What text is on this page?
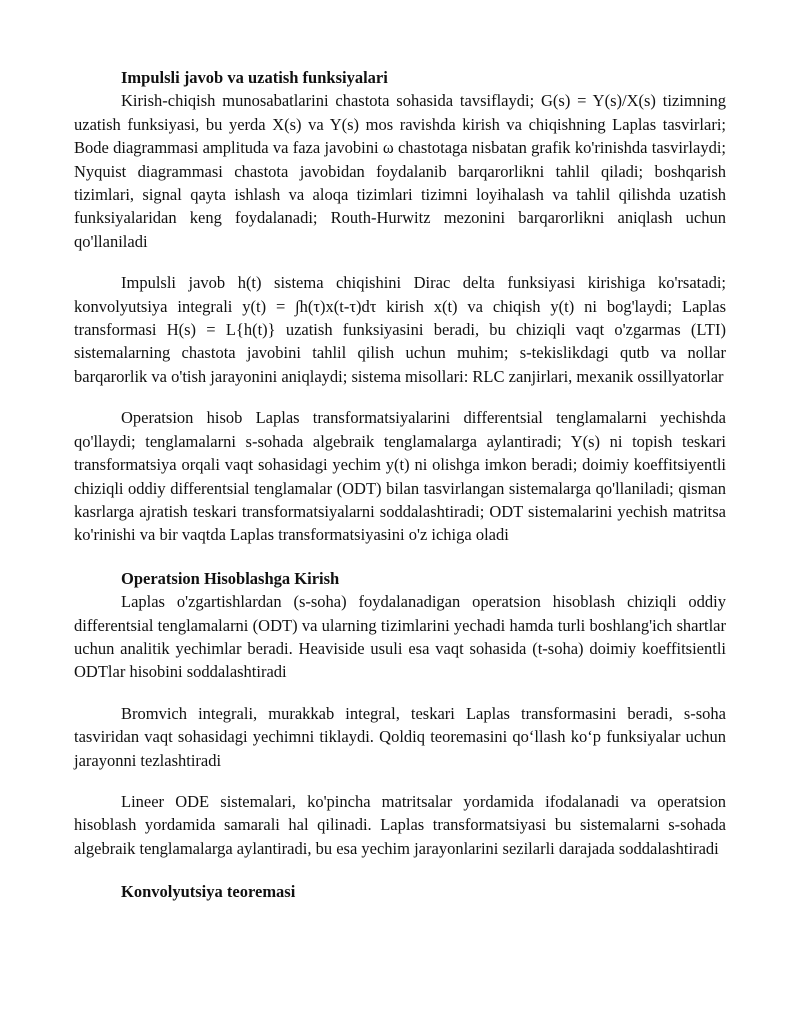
Impulsli javob va uzatish funksiyalari

Kirish-chiqish munosabatlarini chastota sohasida tavsiflaydi; G(s) = Y(s)/X(s) tizimning uzatish funksiyasi, bu yerda X(s) va Y(s) mos ravishda kirish va chiqishning Laplas tasvirlari; Bode diagrammasi amplituda va faza javobini ω chastotaga nisbatan grafik ko'rinishda tasvirlaydi; Nyquist diagrammasi chastota javobidan foydalanib barqarorlikni tahlil qiladi; boshqarish tizimlari, signal qayta ishlash va aloqa tizimlari tizimni loyihalash va tahlil qilishda uzatish funksiyalaridan keng foydalanadi; Routh-Hurwitz mezonini barqarorlikni aniqlash uchun qo'llaniladi

Impulsli javob h(t) sistema chiqishini Dirac delta funksiyasi kirishiga ko'rsatadi; konvolyutsiya integrali y(t) = ∫h(τ)x(t-τ)dτ kirish x(t) va chiqish y(t) ni bog'laydi; Laplas transformasi H(s) = L{h(t)} uzatish funksiyasini beradi, bu chiziqli vaqt o'zgarmas (LTI) sistemalarning chastota javobini tahlil qilish uchun muhim; s-tekislikdagi qutb va nollar barqarorlik va o'tish jarayonini aniqlaydi; sistema misollari: RLC zanjirlari, mexanik ossillyatorlar

Operatsion hisob Laplas transformatsiyalarini differentsial tenglamalarni yechishda qo'llaydi; tenglamalarni s-sohada algebraik tenglamalarga aylantiradi; Y(s) ni topish teskari transformatsiya orqali vaqt sohasidagi yechim y(t) ni olishga imkon beradi; doimiy koeffitsiyentli chiziqli oddiy differentsial tenglamalar (ODT) bilan tasvirlangan sistemalarga qo'llaniladi; qisman kasrlarga ajratish teskari transformatsiyalarni soddalashtiradi; ODT sistemalarini yechish matritsa ko'rinishi va bir vaqtda Laplas transformatsiyasini o'z ichiga oladi

Operatsion Hisoblashga Kirish

Laplas o'zgartishlardan (s-soha) foydalanadigan operatsion hisoblash chiziqli oddiy differentsial tenglamalarni (ODT) va ularning tizimlarini yechadi hamda turli boshlang'ich shartlar uchun analitik yechimlar beradi. Heaviside usuli esa vaqt sohasida (t-soha) doimiy koeffitsientli ODTlar hisobini soddalashtiradi

Bromvich integrali, murakkab integral, teskari Laplas transformasini beradi, s-soha tasviridan vaqt sohasidagi yechimni tiklaydi. Qoldiq teoremasini qoʻllash koʻp funksiyalar uchun jarayonni tezlashtiradi

Lineer ODE sistemalari, ko'pincha matritsalar yordamida ifodalanadi va operatsion hisoblash yordamida samarali hal qilinadi. Laplas transformatsiyasi bu sistemalarni s-sohada algebraik tenglamalarga aylantiradi, bu esa yechim jarayonlarini sezilarli darajada soddalashtiradi

Konvolyutsiya teoremasi
